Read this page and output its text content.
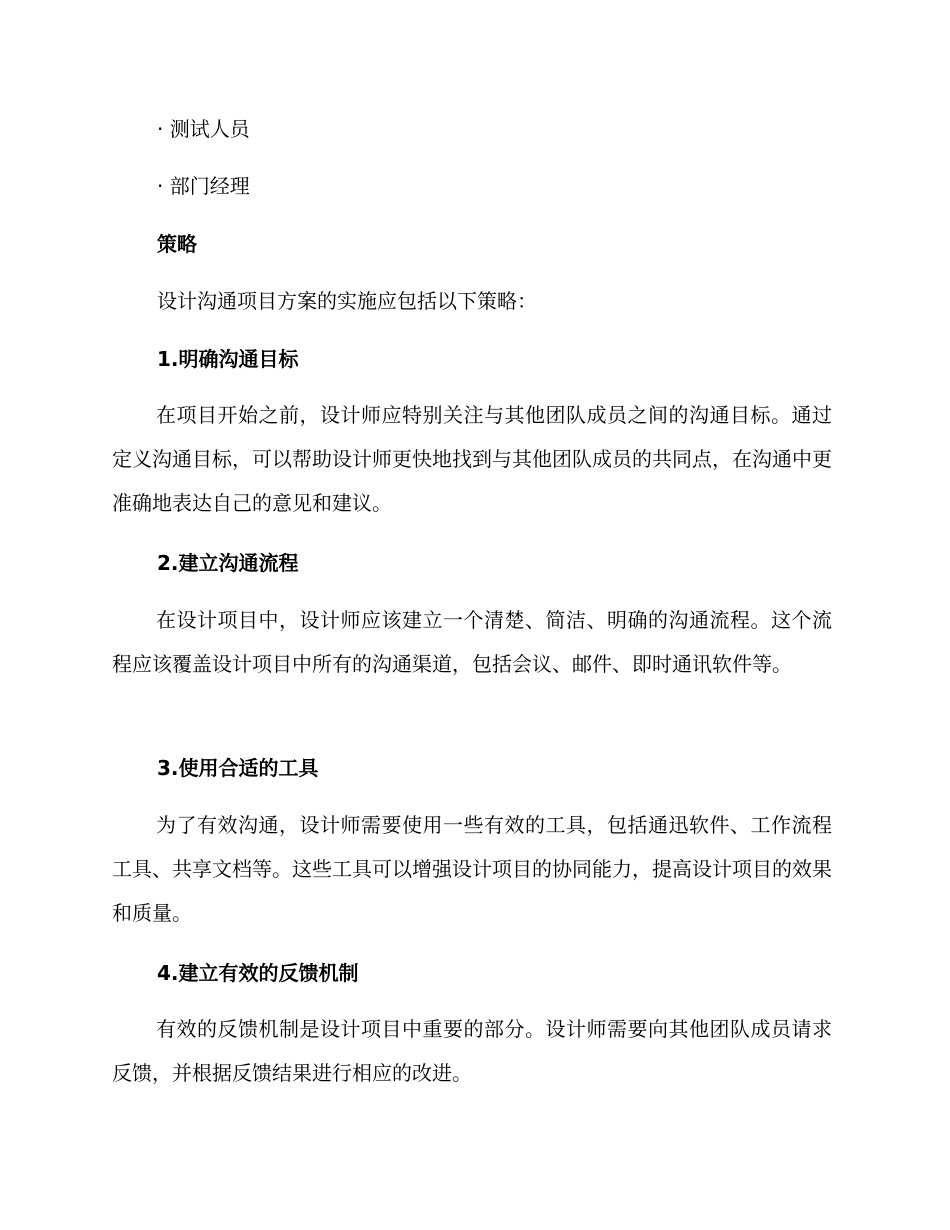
· 测试人员
· 部门经理
策略
设计沟通项目方案的实施应包括以下策略：
1.明确沟通目标
在项目开始之前，设计师应特别关注与其他团队成员之间的沟通目标。通过定义沟通目标，可以帮助设计师更快地找到与其他团队成员的共同点，在沟通中更准确地表达自己的意见和建议。
2.建立沟通流程
在设计项目中，设计师应该建立一个清楚、简洁、明确的沟通流程。这个流程应该覆盖设计项目中所有的沟通渠道，包括会议、邮件、即时通讯软件等。
3.使用合适的工具
为了有效沟通，设计师需要使用一些有效的工具，包括通迅软件、工作流程工具、共享文档等。这些工具可以增强设计项目的协同能力，提高设计项目的效果和质量。
4.建立有效的反馈机制
有效的反馈机制是设计项目中重要的部分。设计师需要向其他团队成员请求反馈，并根据反馈结果进行相应的改进。
